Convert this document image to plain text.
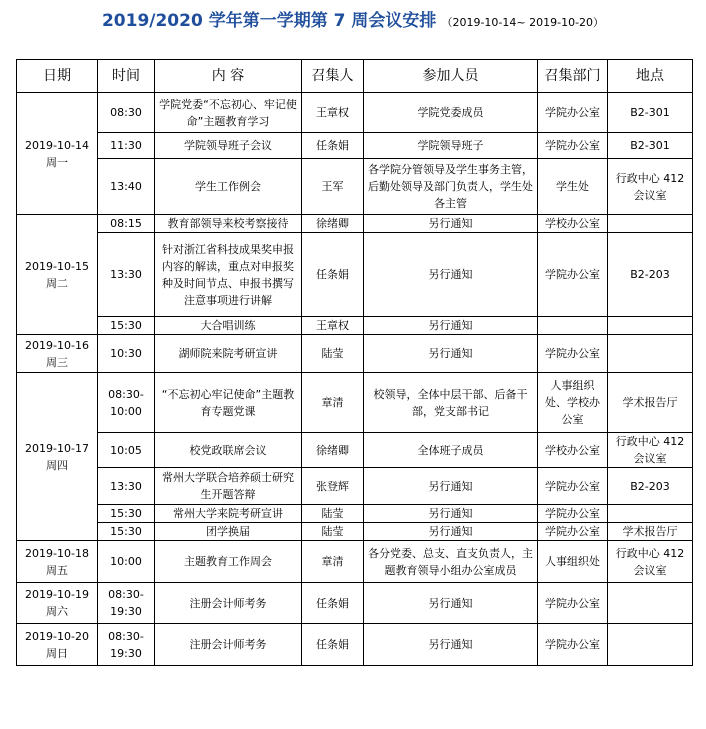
2019/2020 学年第一学期第 7 周会议安排 （2019-10-14~ 2019-10-20）
日期	时间	内 容	召集人	参加人员	召集部门	地点

2019-10-14
周一	08:30	学院党委“不忘初心、牢记使命”主题教育学习	王章权	学院党委成员	学院办公室	B2-301
	11:30	学院领导班子会议	任条娟	学院领导班子	学院办公室	B2-301
	13:40	学生工作例会	王军	各学院分管领导及学生事务主管，后勤处领导及部门负责人，学生处各主管	学生处	行政中心 412 会议室

2019-10-15
周二	08:15	教育部领导来校考察接待	徐绪卿	另行通知	学校办公室	
	13:30	针对浙江省科技成果奖申报内容的解读，重点对申报奖种及时间节点、申报书撰写注意事项进行讲解	任条娟	另行通知	学院办公室	B2-203
	15:30	大合唱训练	王章权	另行通知		

2019-10-16
周三	10:30	湖师院来院考研宣讲	陆莹	另行通知	学院办公室	

2019-10-17
周四	08:30-10:00	“不忘初心牢记使命”主题教育专题党课	章清	校领导，全体中层干部、后备干部，党支部书记	人事组织处、学校办公室	学术报告厅
	10:05	校党政联席会议	徐绪卿	全体班子成员	学校办公室	行政中心 412 会议室
	13:30	常州大学联合培养硕士研究生开题答辩	张登辉	另行通知	学院办公室	B2-203
	15:30	常州大学来院考研宣讲	陆莹	另行通知	学院办公室	
	15:30	团学换届	陆莹	另行通知	学院办公室	学术报告厅

2019-10-18
周五	10:00	主题教育工作周会	章清	各分党委、总支、直支负责人，主题教育领导小组办公室成员	人事组织处	行政中心 412 会议室

2019-10-19
周六	08:30-19:30	注册会计师考务	任条娟	另行通知	学院办公室	

2019-10-20
周日	08:30-19:30	注册会计师考务	任条娟	另行通知	学院办公室	
